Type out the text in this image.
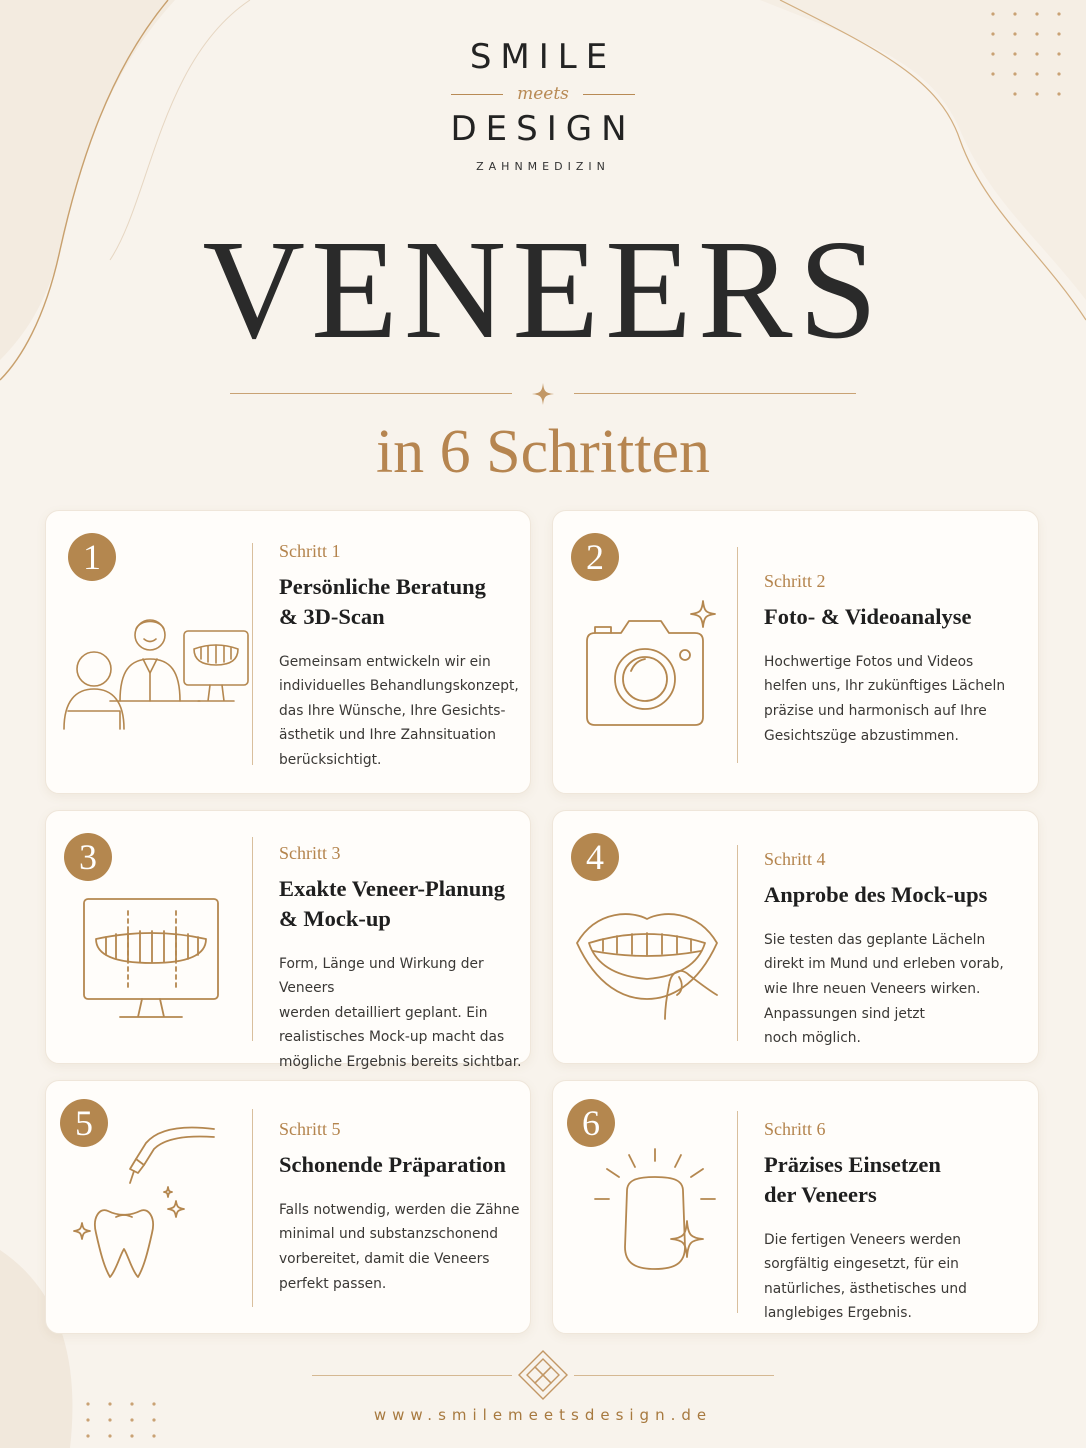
SMILE
meets
DESIGN
ZAHNMEDIZIN
VENEERS
in 6 Schritten
1	Schritt 1
Persönliche Beratung
& 3D-Scan
Gemeinsam entwickeln wir ein
individuelles Behandlungskonzept,
das Ihre Wünsche, Ihre Gesichts-
ästhetik und Ihre Zahnsituation
berücksichtigt.
2
Schritt 2
Foto- & Videoanalyse
Hochwertige Fotos und Videos
helfen uns, Ihr zukünftiges Lächeln
präzise und harmonisch auf Ihre
Gesichtszüge abzustimmen.
3	Schritt 3
Exakte Veneer-Planung
& Mock-up
Form, Länge und Wirkung der Veneers
werden detailliert geplant. Ein
realistisches Mock-up macht das
mögliche Ergebnis bereits sichtbar.
4	Schritt 4
Anprobe des Mock-ups
Sie testen das geplante Lächeln
direkt im Mund und erleben vorab,
wie Ihre neuen Veneers wirken.
Anpassungen sind jetzt
noch möglich.
5	Schritt 5
Schonende Präparation
Falls notwendig, werden die Zähne
minimal und substanzschonend
vorbereitet, damit die Veneers
perfekt passen.
6	Schritt 6
Präzises Einsetzen
der Veneers
Die fertigen Veneers werden
sorgfältig eingesetzt, für ein
natürliches, ästhetisches und
langlebiges Ergebnis.
www.smilemeetsdesign.de
